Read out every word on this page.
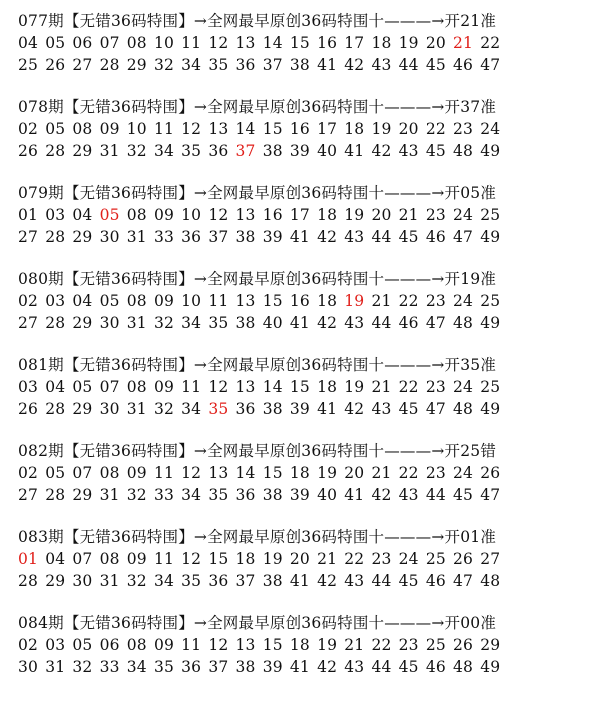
077期【无错36码特围】→全网最早原创36码特围十———→开21准
04 05 06 07 08 10 11 12 13 14 15 16 17 18 19 20 21 22
25 26 27 28 29 32 34 35 36 37 38 41 42 43 44 45 46 47
078期【无错36码特围】→全网最早原创36码特围十———→开37准
02 05 08 09 10 11 12 13 14 15 16 17 18 19 20 22 23 24
26 28 29 31 32 34 35 36 37 38 39 40 41 42 43 45 48 49
079期【无错36码特围】→全网最早原创36码特围十———→开05准
01 03 04 05 08 09 10 12 13 16 17 18 19 20 21 23 24 25
27 28 29 30 31 33 36 37 38 39 41 42 43 44 45 46 47 49
080期【无错36码特围】→全网最早原创36码特围十———→开19准
02 03 04 05 08 09 10 11 13 15 16 18 19 21 22 23 24 25
27 28 29 30 31 32 34 35 38 40 41 42 43 44 46 47 48 49
081期【无错36码特围】→全网最早原创36码特围十———→开35准
03 04 05 07 08 09 11 12 13 14 15 18 19 21 22 23 24 25
26 28 29 30 31 32 34 35 36 38 39 41 42 43 45 47 48 49
082期【无错36码特围】→全网最早原创36码特围十———→开25错
02 05 07 08 09 11 12 13 14 15 18 19 20 21 22 23 24 26
27 28 29 31 32 33 34 35 36 38 39 40 41 42 43 44 45 47
083期【无错36码特围】→全网最早原创36码特围十———→开01准
01 04 07 08 09 11 12 15 18 19 20 21 22 23 24 25 26 27
28 29 30 31 32 34 35 36 37 38 41 42 43 44 45 46 47 48
084期【无错36码特围】→全网最早原创36码特围十———→开00准
02 03 05 06 08 09 11 12 13 15 18 19 21 22 23 25 26 29
30 31 32 33 34 35 36 37 38 39 41 42 43 44 45 46 48 49
